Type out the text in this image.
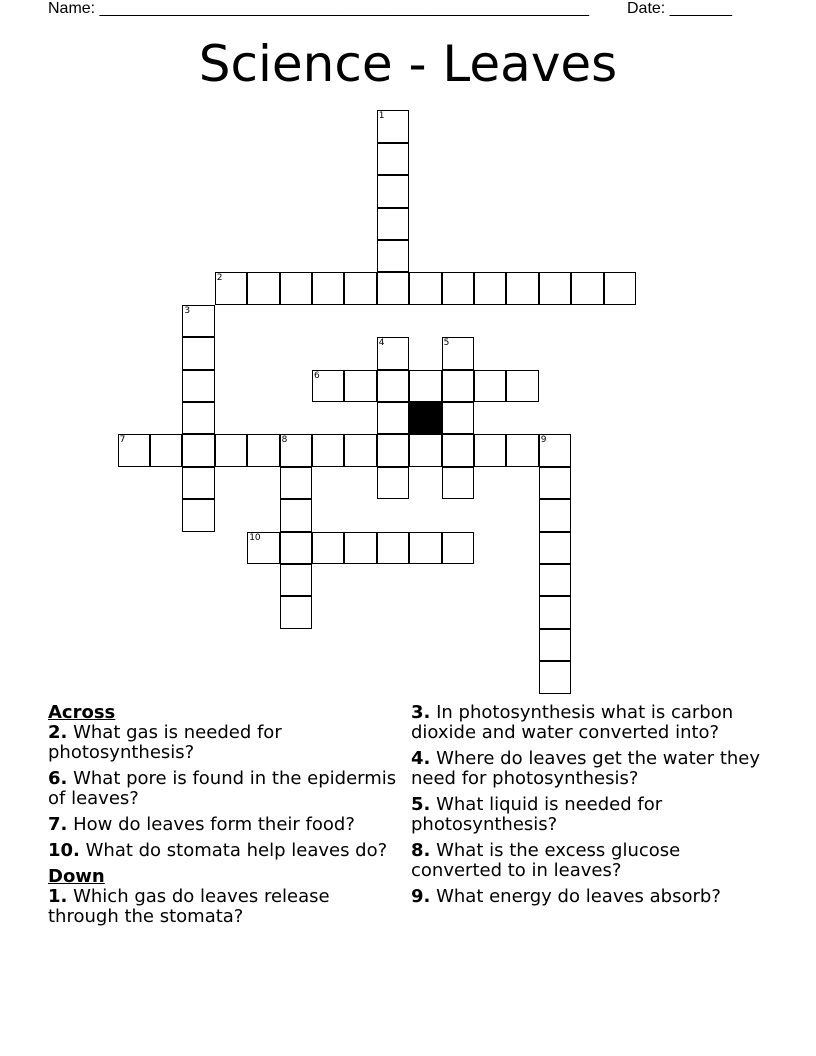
Name: _______________________________________________________ Date: _______
Science - Leaves
1
2
3
4	5
6
7	8	9
10
Across
2. What gas is needed for photosynthesis?
6. What pore is found in the epidermis of leaves?
7. How do leaves form their food?
10. What do stomata help leaves do?
Down
1. Which gas do leaves release through the stomata?
3. In photosynthesis what is carbon dioxide and water converted into?
4. Where do leaves get the water they need for photosynthesis?
5. What liquid is needed for photosynthesis?
8. What is the excess glucose converted to in leaves?
9. What energy do leaves absorb?
